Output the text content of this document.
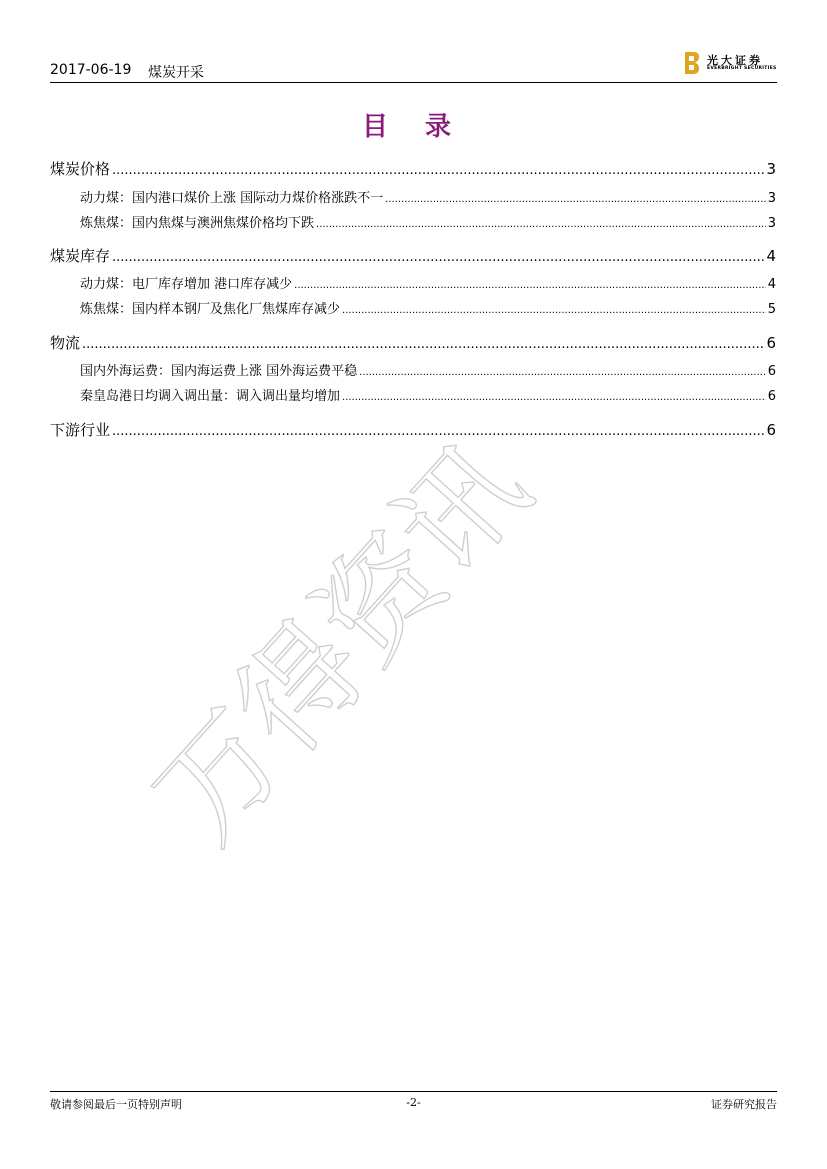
2017-06-19 煤炭开采
光大证券
EVERBRIGHT SECURITIES
目 录
万得资讯
煤炭价格 .....	3
动力煤：国内港口煤价上涨 国际动力煤价格涨跌不一 .....	3
炼焦煤：国内焦煤与澳洲焦煤价格均下跌 .....	3
煤炭库存 .....	4
动力煤：电厂库存增加 港口库存减少 .....	4
炼焦煤：国内样本钢厂及焦化厂焦煤库存减少 .....	5
物流 .....	6
国内外海运费：国内海运费上涨 国外海运费平稳 .....	6
秦皇岛港日均调入调出量：调入调出量均增加 .....	6
下游行业 .....	6
敬请参阅最后一页特别声明	-2-	证券研究报告
